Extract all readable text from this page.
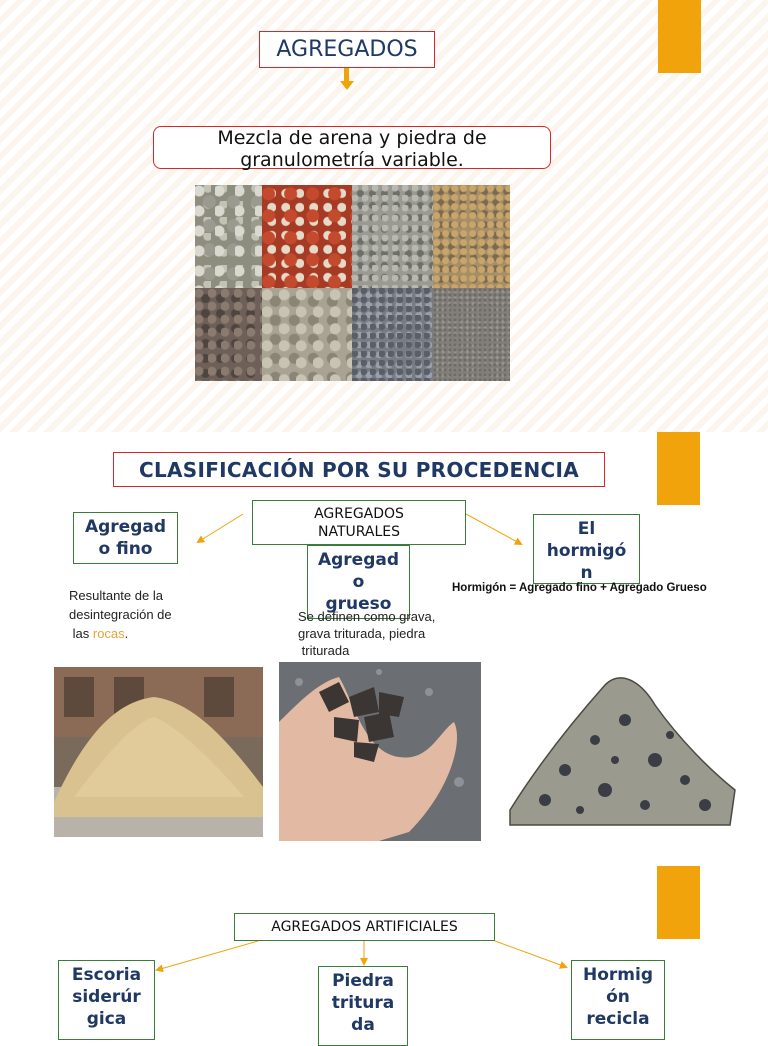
AGREGADOS
Mezcla de arena y piedra de
granulometría variable.
CLASIFICACIÓN POR SU PROCEDENCIA
AGREGADOS
NATURALES
Agregad
o fino
Agregad
o
grueso
El
hormigó
n
Hormigón = Agregado fino + Agregado Grueso
Resultante de la
desintegración de
las rocas.
Se definen como grava,
grava triturada, piedra
triturada
AGREGADOS ARTIFICIALES
Escoria
siderúr
gica
Piedra
tritura
da
Hormig
ón
recicla
